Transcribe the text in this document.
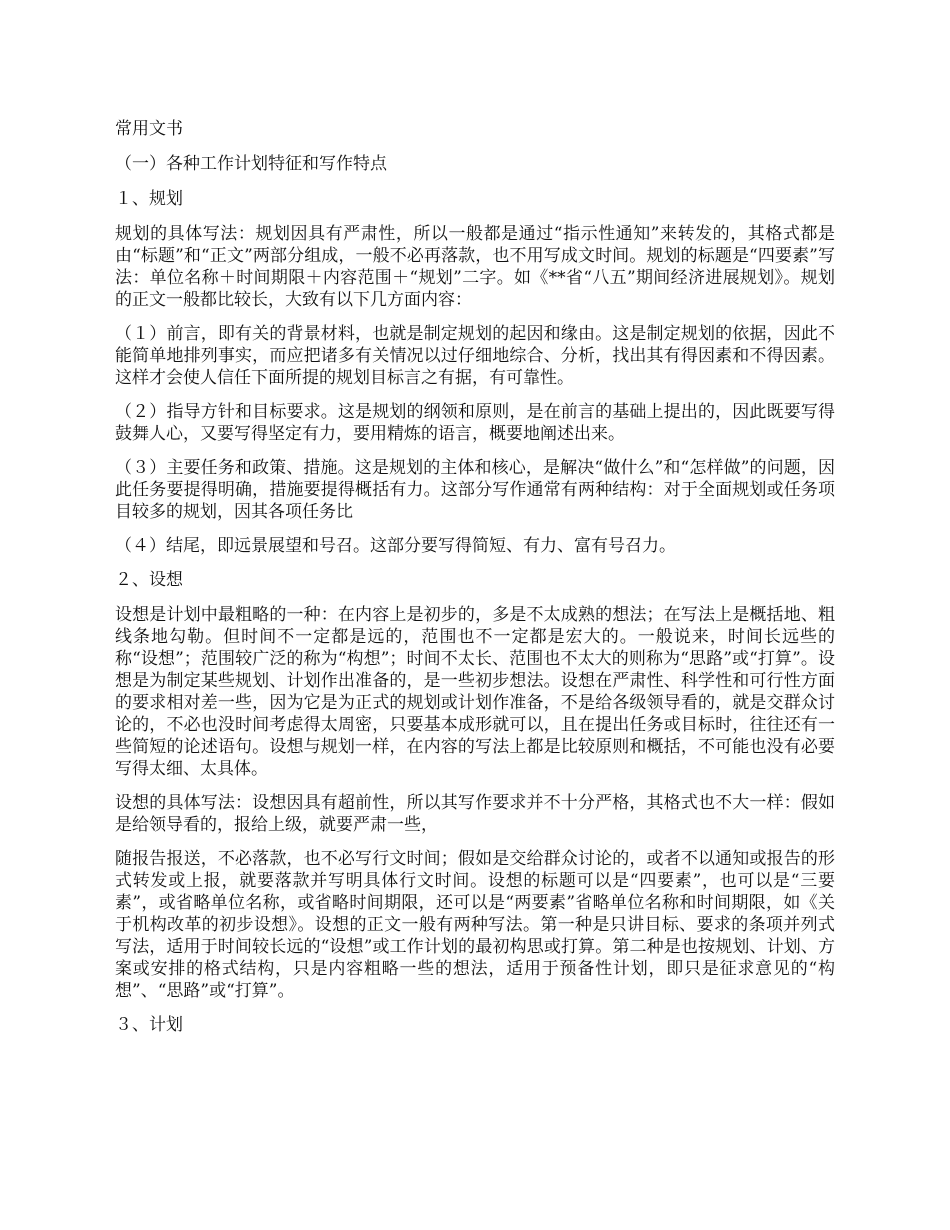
常用文书

（一）各种工作计划特征和写作特点

１、规划

规划的具体写法：规划因具有严肃性，所以一般都是通过“指示性通知”来转发的，其格式都是由“标题”和“正文”两部分组成，一般不必再落款，也不用写成文时间。规划的标题是“四要素”写法：单位名称＋时间期限＋内容范围＋“规划”二字。如《**省“八五”期间经济进展规划》。规划的正文一般都比较长，大致有以下几方面内容：

（１）前言，即有关的背景材料，也就是制定规划的起因和缘由。这是制定规划的依据，因此不能简单地排列事实，而应把诸多有关情况以过仔细地综合、分析，找出其有得因素和不得因素。这样才会使人信任下面所提的规划目标言之有据，有可靠性。

（２）指导方针和目标要求。这是规划的纲领和原则，是在前言的基础上提出的，因此既要写得鼓舞人心，又要写得坚定有力，要用精炼的语言，概要地阐述出来。

（３）主要任务和政策、措施。这是规划的主体和核心，是解决“做什么”和“怎样做”的问题，因此任务要提得明确，措施要提得概括有力。这部分写作通常有两种结构：对于全面规划或任务项目较多的规划，因其各项任务比

（４）结尾，即远景展望和号召。这部分要写得简短、有力、富有号召力。

２、设想

设想是计划中最粗略的一种：在内容上是初步的，多是不太成熟的想法；在写法上是概括地、粗线条地勾勒。但时间不一定都是远的，范围也不一定都是宏大的。一般说来，时间长远些的称“设想”；范围较广泛的称为“构想”；时间不太长、范围也不太大的则称为“思路”或“打算”。设想是为制定某些规划、计划作出准备的，是一些初步想法。设想在严肃性、科学性和可行性方面的要求相对差一些，因为它是为正式的规划或计划作准备，不是给各级领导看的，就是交群众讨论的，不必也没时间考虑得太周密，只要基本成形就可以，且在提出任务或目标时，往往还有一些简短的论述语句。设想与规划一样，在内容的写法上都是比较原则和概括，不可能也没有必要写得太细、太具体。

设想的具体写法：设想因具有超前性，所以其写作要求并不十分严格，其格式也不大一样：假如是给领导看的，报给上级，就要严肃一些，

随报告报送，不必落款，也不必写行文时间；假如是交给群众讨论的，或者不以通知或报告的形式转发或上报，就要落款并写明具体行文时间。设想的标题可以是“四要素”，也可以是“三要素”，或省略单位名称，或省略时间期限，还可以是“两要素”省略单位名称和时间期限，如《关于机构改革的初步设想》。设想的正文一般有两种写法。第一种是只讲目标、要求的条项并列式写法，适用于时间较长远的“设想”或工作计划的最初构思或打算。第二种是也按规划、计划、方案或安排的格式结构，只是内容粗略一些的想法，适用于预备性计划，即只是征求意见的“构想”、“思路”或“打算”。

３、计划
